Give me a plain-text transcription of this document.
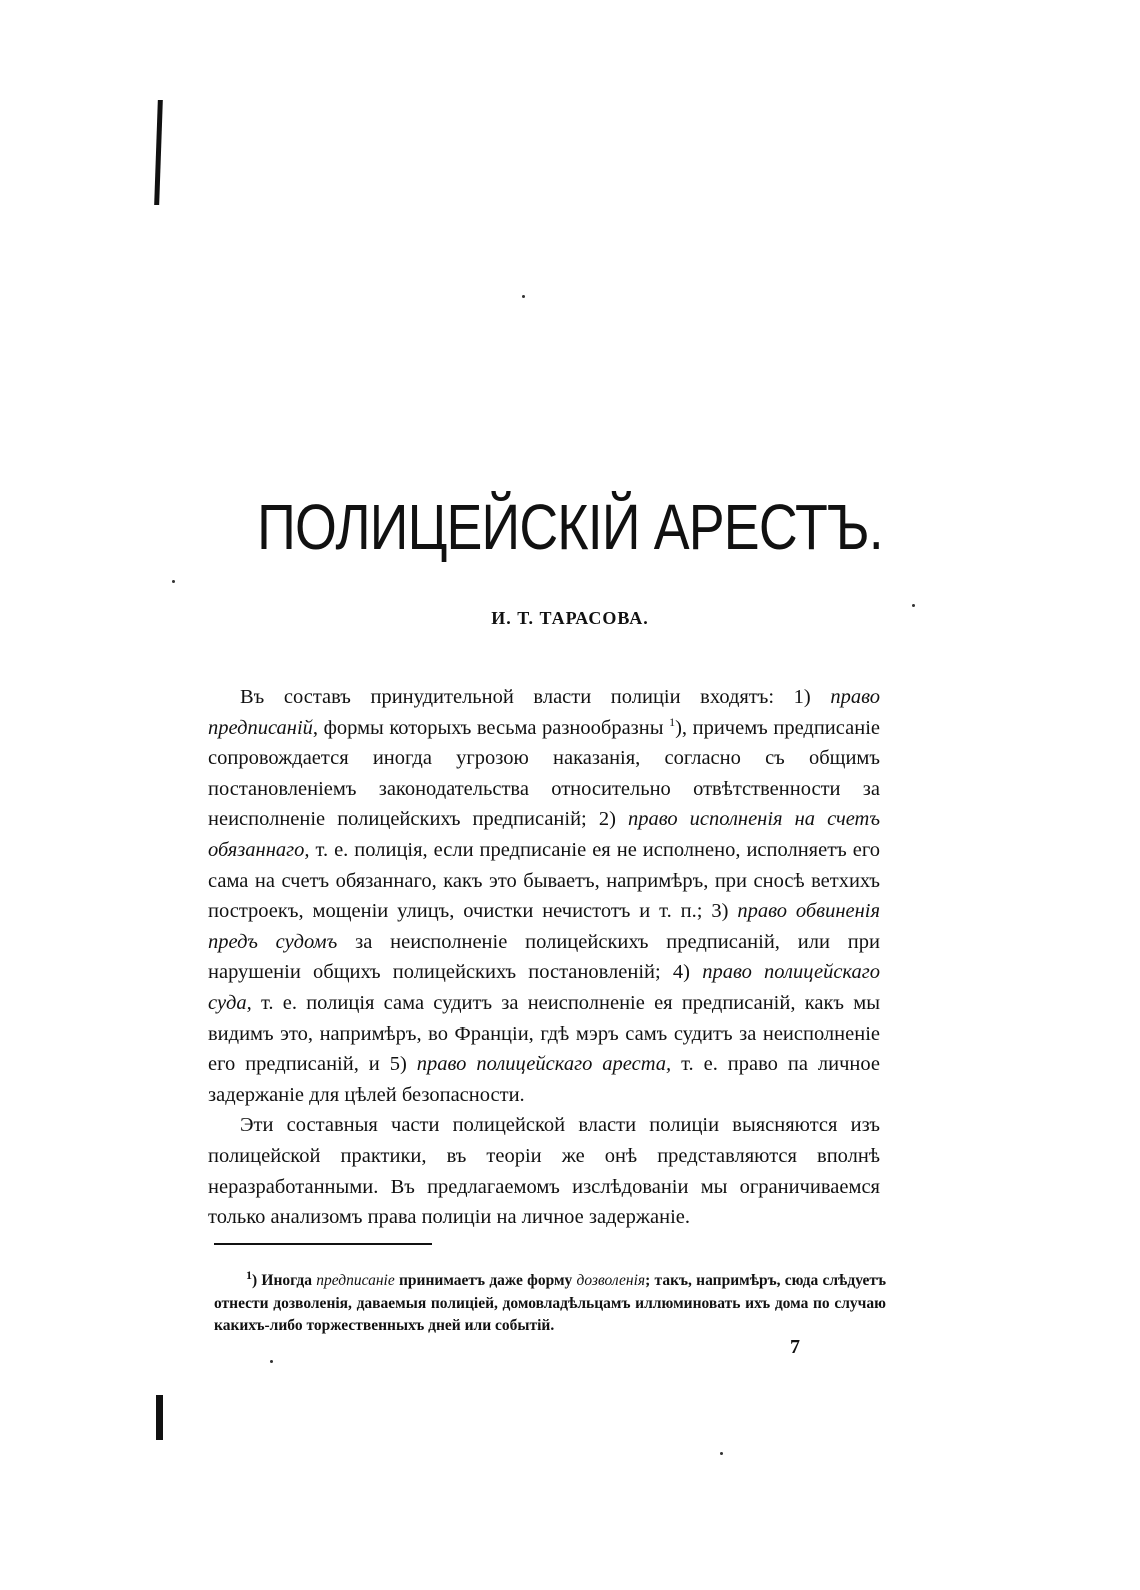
ПОЛИЦЕЙСКІЙ АРЕСТЪ.
И. Т. ТАРАСОВА.

Въ составъ принудительной власти полиціи входятъ: 1) право предписаній, формы которыхъ весьма разнообразны $^1$), причемъ предписаніе сопровождается иногда угрозою наказанія, согласно съ общимъ постановленіемъ законодательства относительно отвѣтственности за неисполненіе полицейскихъ предписаній; 2) право исполненія на счетъ обязаннаго, т. е. полиція, если предписаніе ея не исполнено, исполняетъ его сама на счетъ обязаннаго, какъ это бываетъ, напримѣръ, при сносѣ ветхихъ построекъ, мощеніи улицъ, очистки нечистотъ и т. п.; 3) право обвиненія предъ судомъ за неисполненіе полицейскихъ предписаній, или при нарушеніи общихъ полицейскихъ постановленій; 4) право полицейскаго суда, т. е. полиція сама судитъ за неисполненіе ея предписаній, какъ мы видимъ это, напримѣръ, во Франціи, гдѣ мэръ самъ судитъ за неисполненіе его предписаній, и 5) право полицейскаго ареста, т. е. право па личное задержаніе для цѣлей безопасности.

Эти составныя части полицейской власти полиціи выясняются изъ полицейской практики, въ теоріи же онѣ представляются вполнѣ неразработанными. Въ предлагаемомъ изслѣдованіи мы ограничиваемся только анализомъ права полиціи на личное задержаніе.

$^1$) Иногда предписаніе принимаетъ даже форму дозволенія; такъ, напримѣръ, сюда слѣдуетъ отнести дозволенія, даваемыя полиціей, домовладѣльцамъ иллюминовать ихъ дома по случаю какихъ-либо торжественныхъ дней или событій.

7
